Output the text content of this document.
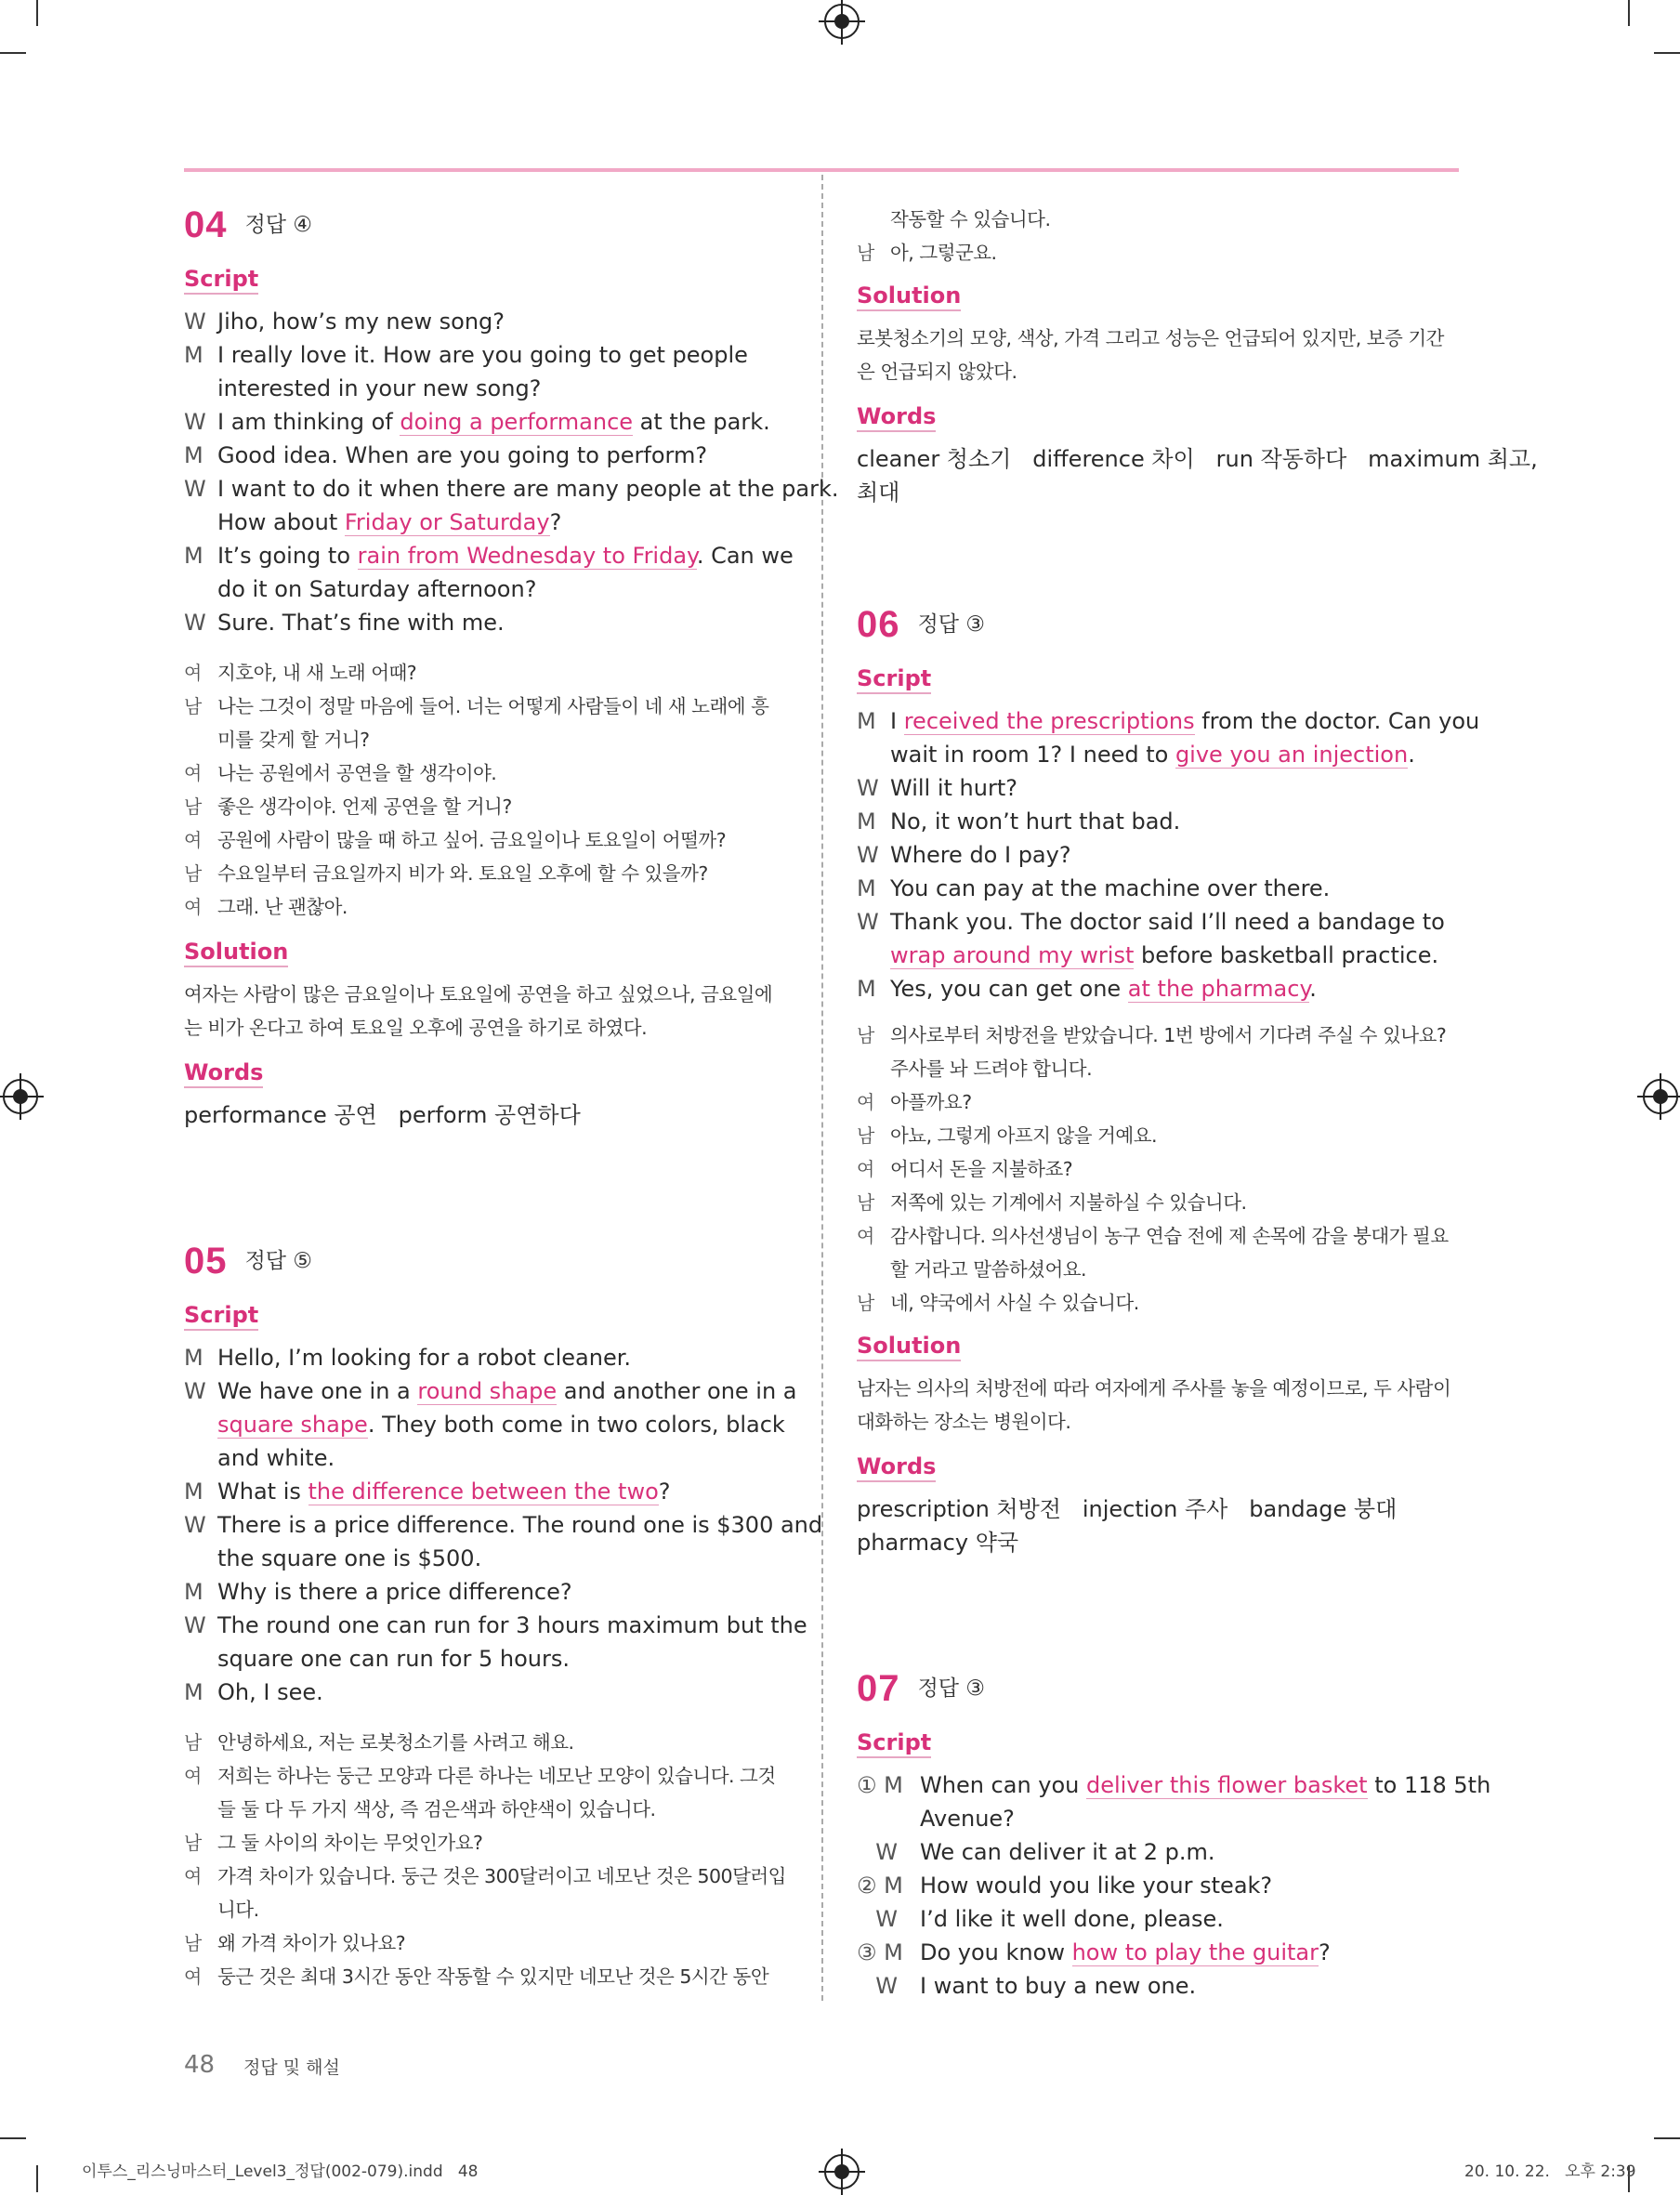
04 정답 ④
Script
W Jiho, how’s my new song?
M I really love it. How are you going to get people
interested in your new song?
W I am thinking of doing a performance at the park.
M Good idea. When are you going to perform?
W I want to do it when there are many people at the park.
How about Friday or Saturday?
M It’s going to rain from Wednesday to Friday. Can we
do it on Saturday afternoon?
W Sure. That’s fine with me.
여 지호야, 내 새 노래 어때?
남 나는 그것이 정말 마음에 들어. 너는 어떻게 사람들이 네 새 노래에 흥
미를 갖게 할 거니?
여 나는 공원에서 공연을 할 생각이야.
남 좋은 생각이야. 언제 공연을 할 거니?
여 공원에 사람이 많을 때 하고 싶어. 금요일이나 토요일이 어떨까?
남 수요일부터 금요일까지 비가 와. 토요일 오후에 할 수 있을까?
여 그래. 난 괜찮아.
Solution
여자는 사람이 많은 금요일이나 토요일에 공연을 하고 싶었으나, 금요일에
는 비가 온다고 하여 토요일 오후에 공연을 하기로 하였다.
Words
performance 공연   perform 공연하다
05 정답 ⑤
Script
M Hello, I’m looking for a robot cleaner.
W We have one in a round shape and another one in a
square shape. They both come in two colors, black
and white.
M What is the difference between the two?
W There is a price difference. The round one is $300 and
the square one is $500.
M Why is there a price difference?
W The round one can run for 3 hours maximum but the
square one can run for 5 hours.
M Oh, I see.
남 안녕하세요, 저는 로봇청소기를 사려고 해요.
여 저희는 하나는 둥근 모양과 다른 하나는 네모난 모양이 있습니다. 그것
들 둘 다 두 가지 색상, 즉 검은색과 하얀색이 있습니다.
남 그 둘 사이의 차이는 무엇인가요?
여 가격 차이가 있습니다. 둥근 것은 300달러이고 네모난 것은 500달러입
니다.
남 왜 가격 차이가 있나요?
여 둥근 것은 최대 3시간 동안 작동할 수 있지만 네모난 것은 5시간 동안
48 정답 및 해설
작동할 수 있습니다.
남 아, 그렇군요.
Solution
로봇청소기의 모양, 색상, 가격 그리고 성능은 언급되어 있지만, 보증 기간
은 언급되지 않았다.
Words
cleaner 청소기   difference 차이   run 작동하다   maximum 최고,
최대
06 정답 ③
Script
M I received the prescriptions from the doctor. Can you
wait in room 1? I need to give you an injection.
W Will it hurt?
M No, it won’t hurt that bad.
W Where do I pay?
M You can pay at the machine over there.
W Thank you. The doctor said I’ll need a bandage to
wrap around my wrist before basketball practice.
M Yes, you can get one at the pharmacy.
남 의사로부터 처방전을 받았습니다. 1번 방에서 기다려 주실 수 있나요?
주사를 놔 드려야 합니다.
여 아플까요?
남 아뇨, 그렇게 아프지 않을 거예요.
여 어디서 돈을 지불하죠?
남 저쪽에 있는 기계에서 지불하실 수 있습니다.
여 감사합니다. 의사선생님이 농구 연습 전에 제 손목에 감을 붕대가 필요
할 거라고 말씀하셨어요.
남 네, 약국에서 사실 수 있습니다.
Solution
남자는 의사의 처방전에 따라 여자에게 주사를 놓을 예정이므로, 두 사람이
대화하는 장소는 병원이다.
Words
prescription 처방전   injection 주사   bandage 붕대
pharmacy 약국
07 정답 ③
Script
① M When can you deliver this flower basket to 118 5th
Avenue?
W We can deliver it at 2 p.m.
② M How would you like your steak?
W I’d like it well done, please.
③ M Do you know how to play the guitar?
W I want to buy a new one.
이투스_리스닝마스터_Level3_정답(002-079).indd   48	20. 10. 22.   오후 2:39
